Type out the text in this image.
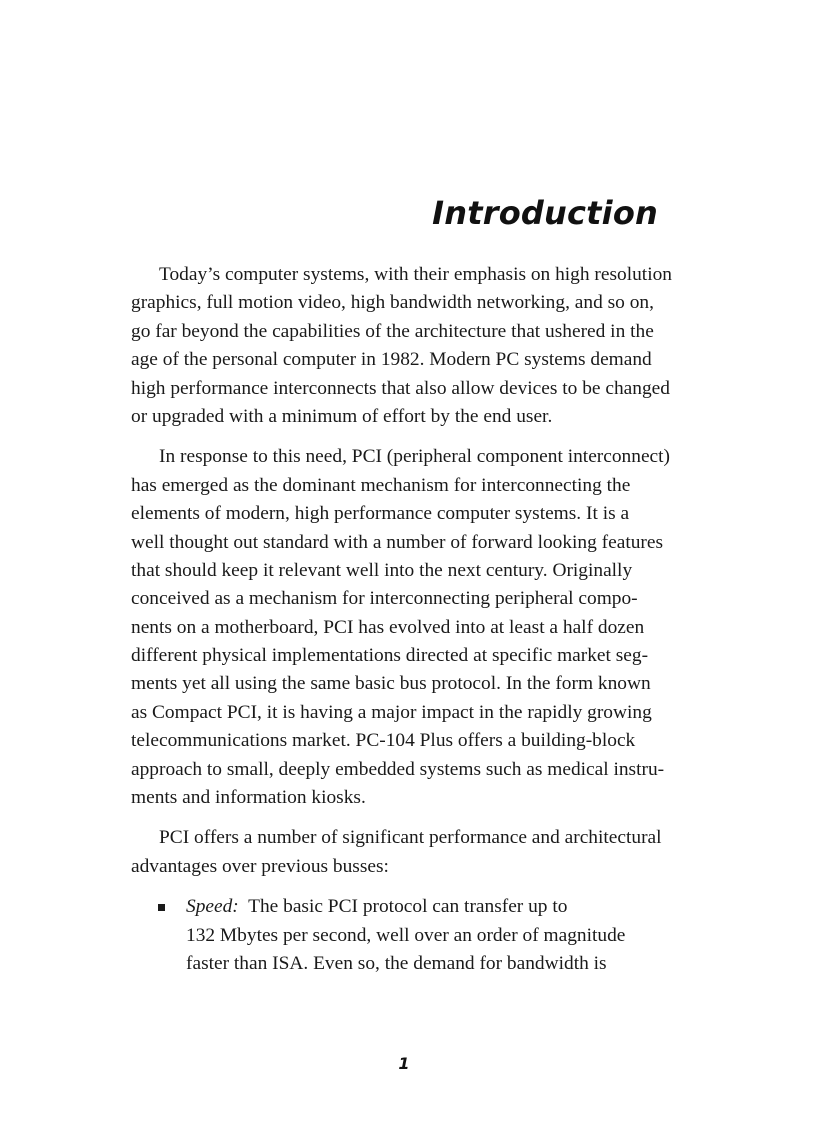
Introduction

Today’s computer systems, with their emphasis on high resolution
graphics, full motion video, high bandwidth networking, and so on,
go far beyond the capabilities of the architecture that ushered in the
age of the personal computer in 1982. Modern PC systems demand
high performance interconnects that also allow devices to be changed
or upgraded with a minimum of effort by the end user.

In response to this need, PCI (peripheral component interconnect)
has emerged as the dominant mechanism for interconnecting the
elements of modern, high performance computer systems. It is a
well thought out standard with a number of forward looking features
that should keep it relevant well into the next century. Originally
conceived as a mechanism for interconnecting peripheral compo-
nents on a motherboard, PCI has evolved into at least a half dozen
different physical implementations directed at specific market seg-
ments yet all using the same basic bus protocol. In the form known
as Compact PCI, it is having a major impact in the rapidly growing
telecommunications market. PC-104 Plus offers a building-block
approach to small, deeply embedded systems such as medical instru-
ments and information kiosks.

PCI offers a number of significant performance and architectural
advantages over previous busses:

Speed: The basic PCI protocol can transfer up to
132 Mbytes per second, well over an order of magnitude
faster than ISA. Even so, the demand for bandwidth is
1
